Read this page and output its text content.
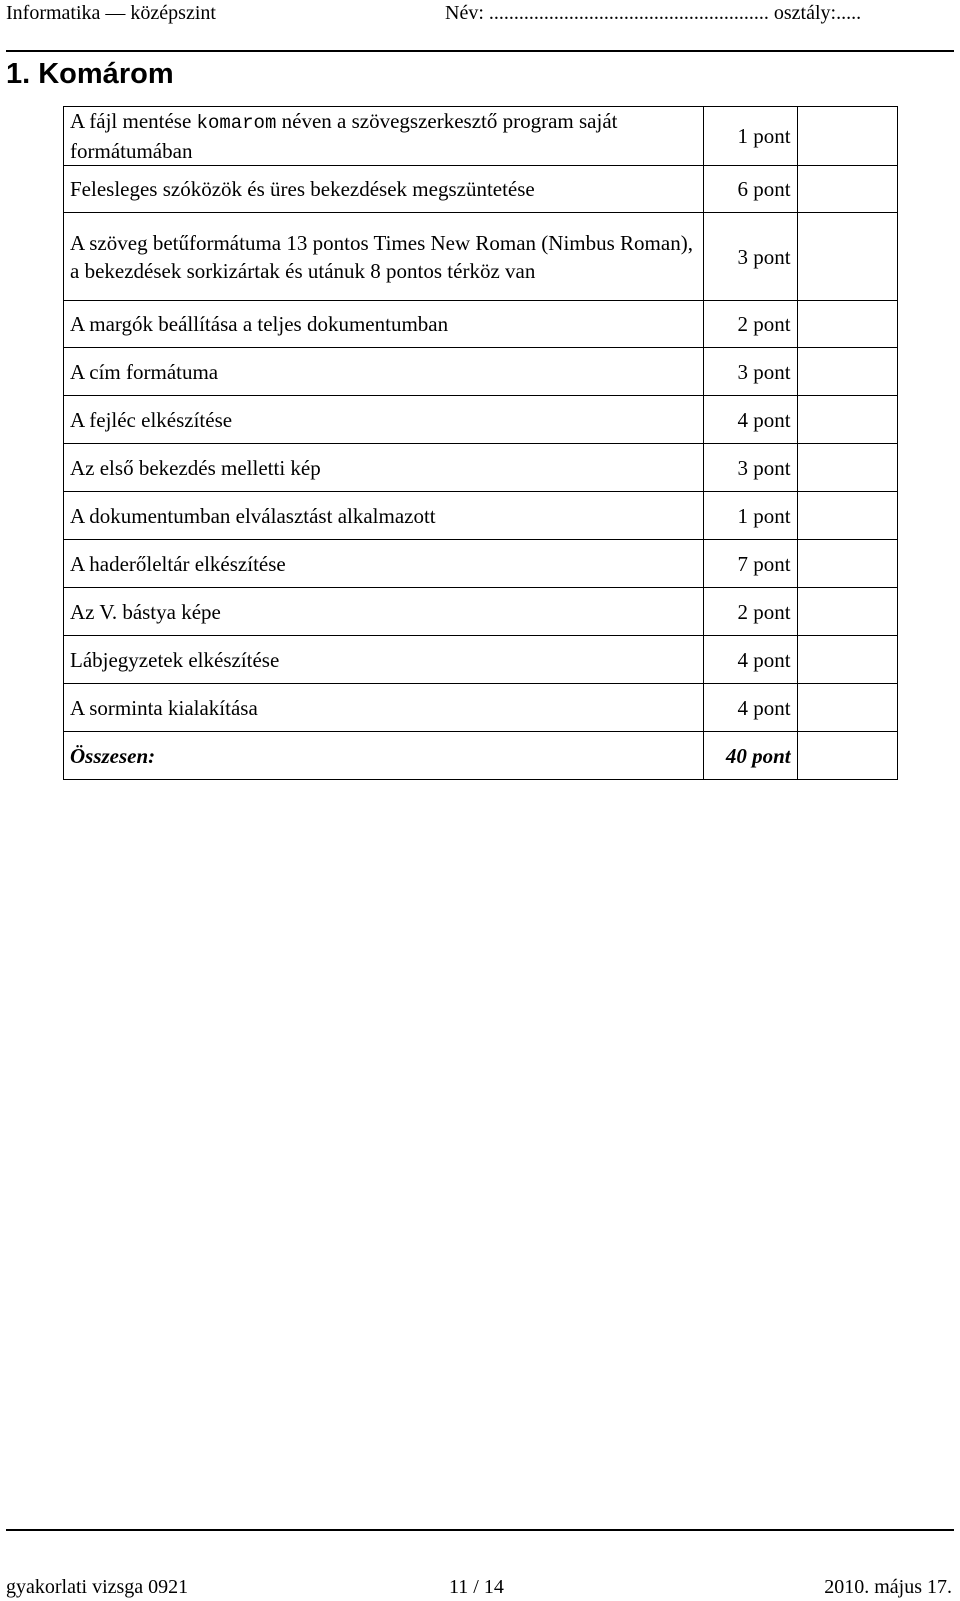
Informatika — középszint	Név: ........................................................ osztály:.....
1. Komárom
A fájl mentése komarom néven a szövegszerkesztő program saját formátumában	1 pont	
Felesleges szóközök és üres bekezdések megszüntetése	6 pont	
A szöveg betűformátuma 13 pontos Times New Roman (Nimbus Roman), a bekezdések sorkizártak és utánuk 8 pontos térköz van	3 pont	
A margók beállítása a teljes dokumentumban	2 pont	
A cím formátuma	3 pont	
A fejléc elkészítése	4 pont	
Az első bekezdés melletti kép	3 pont	
A dokumentumban elválasztást alkalmazott	1 pont	
A haderőleltár elkészítése	7 pont	
Az V. bástya képe	2 pont	
Lábjegyzetek elkészítése	4 pont	
A sorminta kialakítása	4 pont	
Összesen:	40 pont	
gyakorlati vizsga 0921	11 / 14	2010. május 17.
